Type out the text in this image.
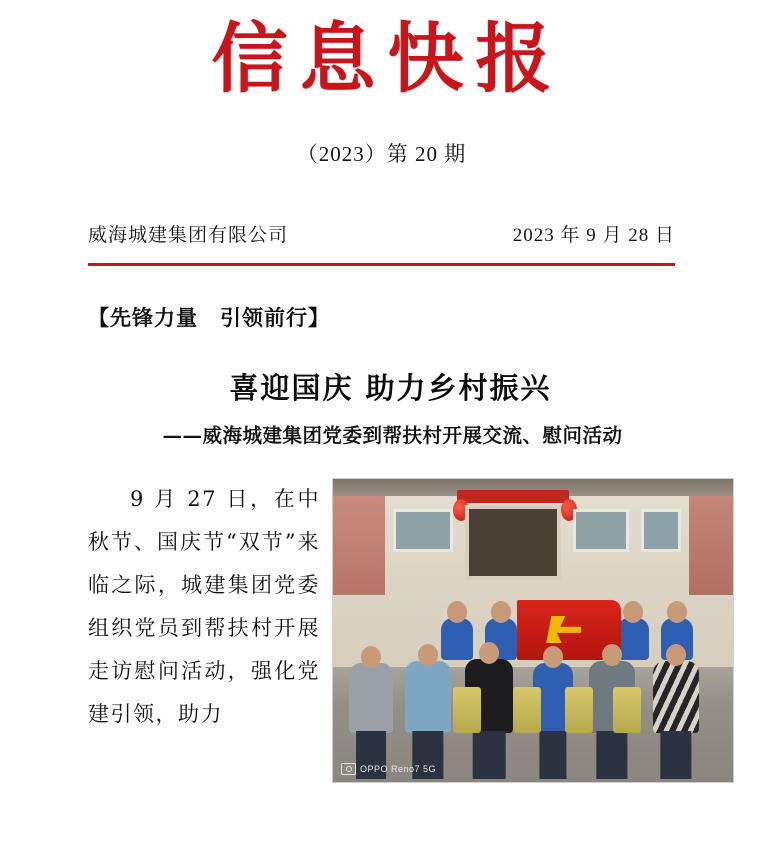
信息快报
（2023）第 20 期
威海城建集团有限公司	2023 年 9 月 28 日
【先锋力量　引领前行】
喜迎国庆 助力乡村振兴
——威海城建集团党委到帮扶村开展交流、慰问活动

9 月 27 日，在中秋节、国庆节“双节”来临之际，城建集团党委组织党员到帮扶村开展走访慰问活动，强化党建引领，助力

OPPO Reno7 5G
